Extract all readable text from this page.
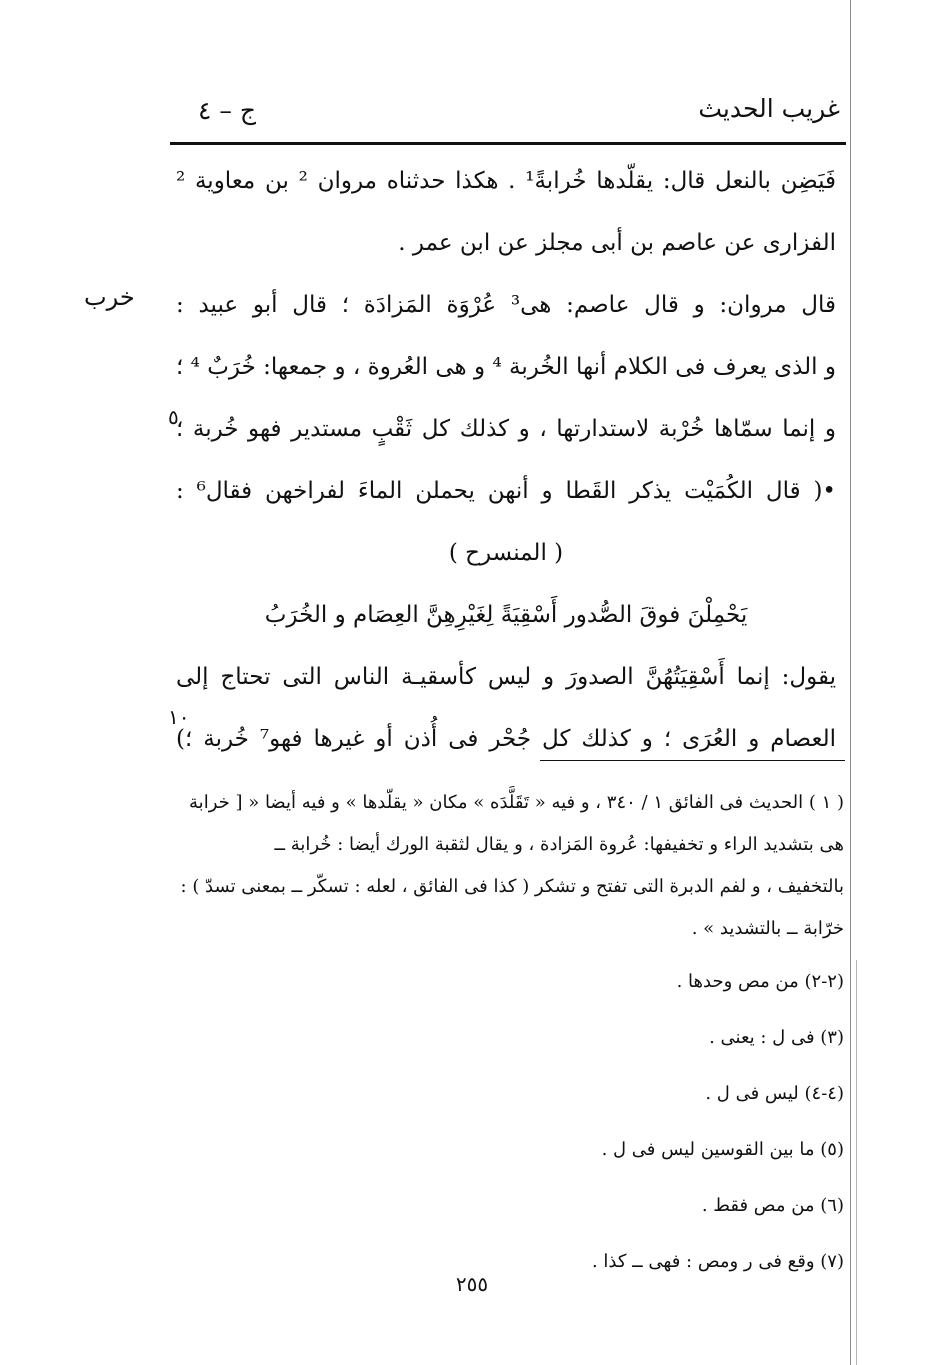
غريب الحديث
ج – ٤
خرب
٥
١٠
فَيَضِن بالنعل قال: يقلّدها خُرابةً¹ . هكذا حدثناه مروان ² بن معاوية ²
الفزارى عن عاصم بن أبى مجلز عن ابن عمر .
قال مروان: و قال عاصم: هى³ عُرْوَة المَزادَة ؛ قال أبو عبيد :
و الذى يعرف فى الكلام أنها الخُربة ⁴ و هى العُروة ، و جمعها: خُرَبٌ ⁴ ؛
و إنما سمّاها خُرْبة لاستدارتها ، و كذلك كل ثَقْبٍ مستدير فهو خُربة ؛
•( قال الكُمَيْت يذكر القَطا و أنهن يحملن الماءَ لفراخهن فقال⁶ :
( المنسرح )
يَحْمِلْنَ فوقَ الصُّدور أَسْقِيَةً لِغَيْرِهِنَّ العِصَام و الخُرَبُ
يقول: إنما أَسْقِيَتُهُنَّ الصدورَ و ليس كأسقيـة الناس التى تحتاج إلى
العصام و العُرَى ؛ و كذلك كل جُحْر فى أُذن أو غيرها فهو⁷ خُربة ؛)
( ١ ) الحديث فى الفائق ١ / ٣٤٠ ، و فيه « تَقَلَّدَه » مكان « يقلّدها » و فيه أيضا « [ خرابة
هى بتشديد الراء و تخفيفها: عُروة المَزادة ، و يقال لثقبة الورك أيضا : خُرابة ــ
بالتخفيف ، و لفم الدبرة التى تفتح و تشكر ( كذا فى الفائق ، لعله : تسكّر ــ بمعنى تسدّ ) :
خرّابة ــ بالتشديد » .
(٢-٢) من مص وحدها .
(٣) فى ل : يعنى .
(٤-٤) ليس فى ل .
(٥) ما بين القوسين ليس فى ل .
(٦) من مص فقط .
(٧) وقع فى ر ومص : فهى ــ كذا .
٢٥٥
